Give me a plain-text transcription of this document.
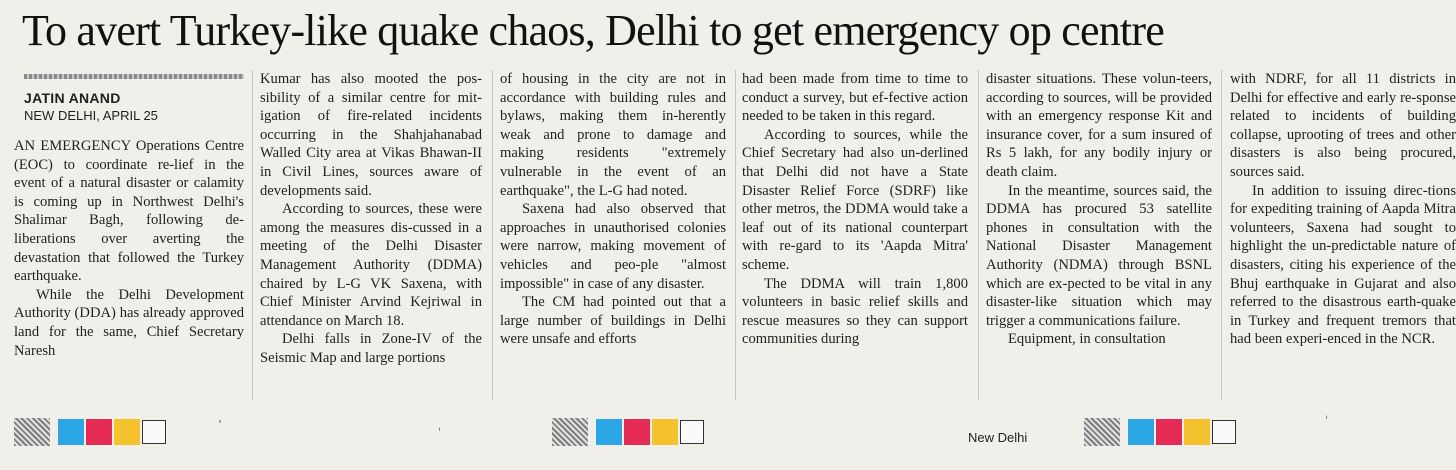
To avert Turkey-like quake chaos, Delhi to get emergency op centre
JATIN ANAND
NEW DELHI, APRIL 25

AN EMERGENCY Operations Centre (EOC) to coordinate re-lief in the event of a natural disaster or calamity is coming up in Northwest Delhi's Shalimar Bagh, following de-liberations over averting the devastation that followed the Turkey earthquake.

While the Delhi Development Authority (DDA) has already approved land for the same, Chief Secretary Naresh

Kumar has also mooted the pos-sibility of a similar centre for mit-igation of fire-related incidents occurring in the Shahjahanabad Walled City area at Vikas Bhawan-II in Civil Lines, sources aware of developments said.

According to sources, these were among the measures dis-cussed in a meeting of the Delhi Disaster Management Authority (DDMA) chaired by L-G VK Saxena, with Chief Minister Arvind Kejriwal in attendance on March 18.

Delhi falls in Zone-IV of the Seismic Map and large portions

of housing in the city are not in accordance with building rules and bylaws, making them in-herently weak and prone to damage and making residents "extremely vulnerable in the event of an earthquake", the L-G had noted.

Saxena had also observed that approaches in unauthorised colonies were narrow, making movement of vehicles and peo-ple "almost impossible" in case of any disaster.

The CM had pointed out that a large number of buildings in Delhi were unsafe and efforts

had been made from time to time to conduct a survey, but ef-fective action needed to be taken in this regard.

According to sources, while the Chief Secretary had also un-derlined that Delhi did not have a State Disaster Relief Force (SDRF) like other metros, the DDMA would take a leaf out of its national counterpart with re-gard to its 'Aapda Mitra' scheme.

The DDMA will train 1,800 volunteers in basic relief skills and rescue measures so they can support communities during

disaster situations. These volun-teers, according to sources, will be provided with an emergency response Kit and insurance cover, for a sum insured of Rs 5 lakh, for any bodily injury or death claim.

In the meantime, sources said, the DDMA has procured 53 satellite phones in consultation with the National Disaster Management Authority (NDMA) through BSNL which are ex-pected to be vital in any disaster-like situation which may trigger a communications failure.

Equipment, in consultation

with NDRF, for all 11 districts in Delhi for effective and early re-sponse related to incidents of building collapse, uprooting of trees and other disasters is also being procured, sources said.

In addition to issuing direc-tions for expediting training of Aapda Mitra volunteers, Saxena had sought to highlight the un-predictable nature of disasters, citing his experience of the Bhuj earthquake in Gujarat and also referred to the disastrous earth-quake in Turkey and frequent tremors that had been experi-enced in the NCR.

ʼ	ˌ	ˈ
New Delhi
